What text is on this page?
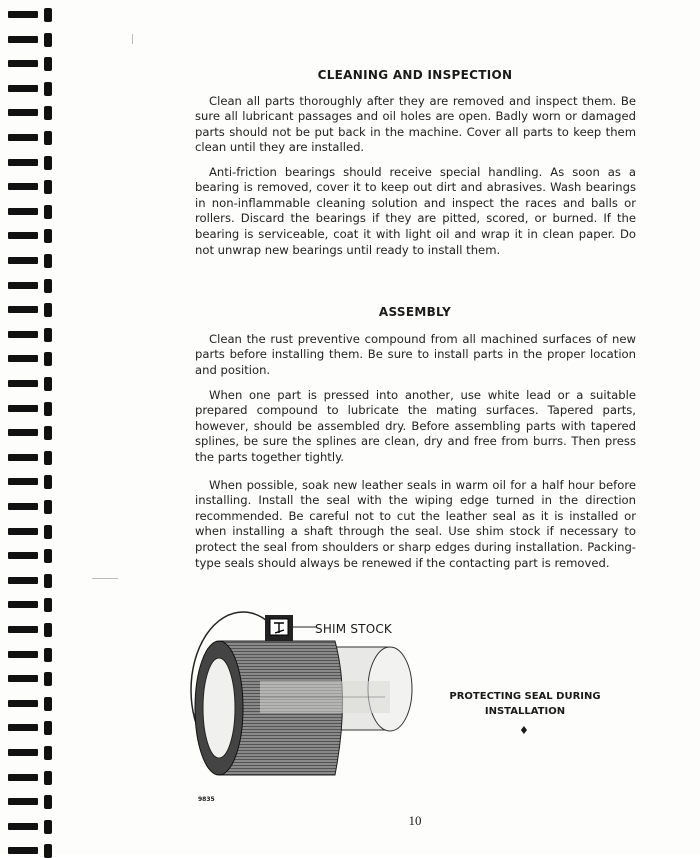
CLEANING AND INSPECTION

Clean all parts thoroughly after they are removed and inspect them. Be sure all lubricant passages and oil holes are open. Badly worn or damaged parts should not be put back in the machine. Cover all parts to keep them clean until they are installed.

Anti-friction bearings should receive special handling. As soon as a bearing is removed, cover it to keep out dirt and abrasives. Wash bearings in non-inflammable cleaning solution and inspect the races and balls or rollers. Discard the bearings if they are pitted, scored, or burned. If the bearing is serviceable, coat it with light oil and wrap it in clean paper. Do not unwrap new bearings until ready to install them.

ASSEMBLY

Clean the rust preventive compound from all machined surfaces of new parts before installing them. Be sure to install parts in the proper location and position.

When one part is pressed into another, use white lead or a suitable prepared compound to lubricate the mating surfaces. Tapered parts, however, should be assembled dry. Before assembling parts with tapered splines, be sure the splines are clean, dry and free from burrs. Then press the parts together tightly.

When possible, soak new leather seals in warm oil for a half hour before installing. Install the seal with the wiping edge turned in the direction recommended. Be careful not to cut the leather seal as it is installed or when installing a shaft through the seal. Use shim stock if necessary to protect the seal from shoulders or sharp edges during installation. Packing-type seals should always be renewed if the contacting part is removed.

SHIM STOCK
9835
PROTECTING SEAL DURING
INSTALLATION
♦
10
